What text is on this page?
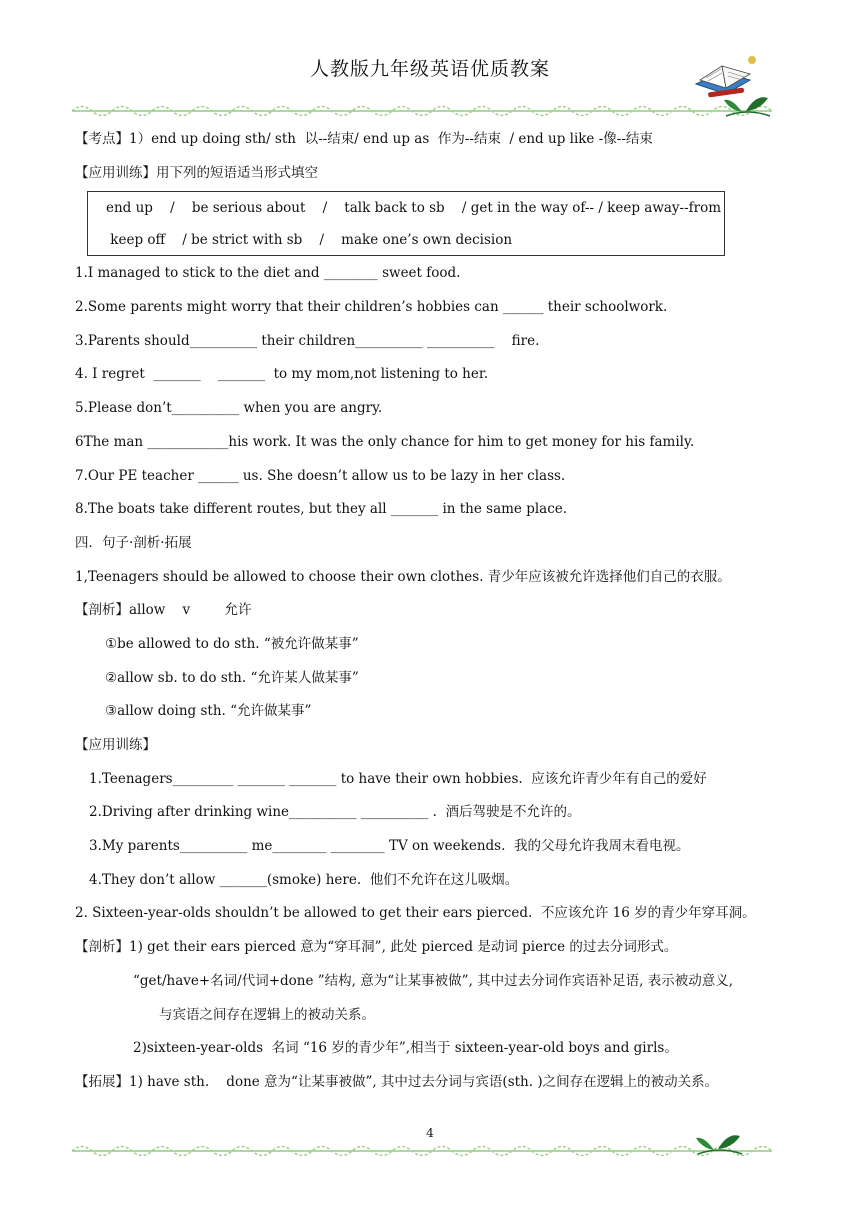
人教版九年级英语优质教案
【考点】1）end up doing sth/ sth  以--结束/ end up as  作为--结束  / end up like -像--结束
【应用训练】用下列的短语适当形式填空
end up    /    be serious about    /    talk back to sb    / get in the way of-- / keep away--from
keep off    / be strict with sb    /    make one’s own decision
1.I managed to stick to the diet and ________ sweet food.
2.Some parents might worry that their children’s hobbies can ______ their schoolwork.
3.Parents should__________ their children__________ __________    fire.
4. I regret  _______    _______  to my mom,not listening to her.
5.Please don’t__________ when you are angry.
6The man ____________his work. It was the only chance for him to get money for his family.
7.Our PE teacher ______ us. She doesn’t allow us to be lazy in her class.
8.The boats take different routes, but they all _______ in the same place.
四．句子·剖析·拓展
1,Teenagers should be allowed to choose their own clothes. 青少年应该被允许选择他们自己的衣服。
【剖析】allow    v        允许
①be allowed to do sth. “被允许做某事”
②allow sb. to do sth. “允许某人做某事”
③allow doing sth. “允许做某事”
【应用训练】
1.Teenagers_________ _______ _______ to have their own hobbies.  应该允许青少年有自己的爱好
2.Driving after drinking wine__________ __________ .  酒后驾驶是不允许的。
3.My parents__________ me________ ________ TV on weekends.  我的父母允许我周末看电视。
4.They don’t allow _______(smoke) here.  他们不允许在这儿吸烟。
2. Sixteen-year-olds shouldn’t be allowed to get their ears pierced.  不应该允许 16 岁的青少年穿耳洞。
【剖析】1) get their ears pierced 意为“穿耳洞”, 此处 pierced 是动词 pierce 的过去分词形式。
“get/have+名词/代词+done ”结构, 意为“让某事被做”, 其中过去分词作宾语补足语, 表示被动意义,
与宾语之间存在逻辑上的被动关系。
2)sixteen-year-olds  名词 “16 岁的青少年”,相当于 sixteen-year-old boys and girls。
【拓展】1) have sth.    done 意为“让某事被做”, 其中过去分词与宾语(sth. )之间存在逻辑上的被动关系。
4
